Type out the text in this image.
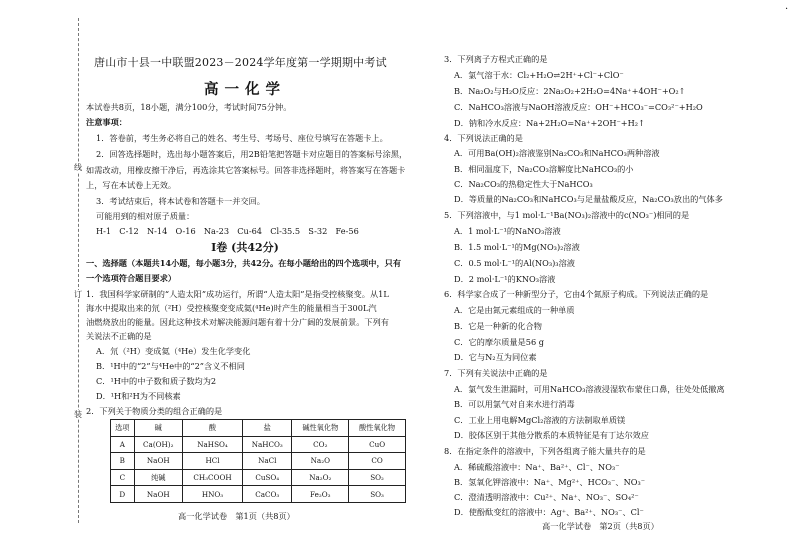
线
订
装
唐山市十县一中联盟2023－2024学年度第一学期期中考试
高一化学
本试卷共8页，18小题，满分100分，考试时间75分钟。
注意事项：
1．答卷前，考生务必将自己的姓名、考生号、考场号、座位号填写在答题卡上。
2．回答选择题时，选出每小题答案后，用2B铅笔把答题卡对应题目的答案标号涂黑，
如需改动，用橡皮擦干净后，再选涂其它答案标号。回答非选择题时，将答案写在答题卡
上，写在本试卷上无效。
3．考试结束后，将本试卷和答题卡一并交回。
可能用到的相对原子质量：
H-1　C-12　N-14　O-16　Na-23　Cu-64　Cl-35.5　S-32　Fe-56
I卷 (共42分)
一、选择题（本题共14小题，每小题3分，共42分。在每小题给出的四个选项中，只有
一个选项符合题目要求）
1．我国科学家研制的“人造太阳”成功运行，所谓“人造太阳”是指受控核聚变。从1L
海水中提取出来的氘（²H）受控核聚变变成氦(⁴He)时产生的能量相当于300L汽
油燃烧放出的能量。因此这种技术对解决能源问题有着十分广阔的发展前景。下列有
关说法不正确的是
A．氘（²H）变成氦（⁴He）发生化学变化
B．¹H中的“2”与⁴He中的“2”含义不相同
C．¹H中的中子数和质子数均为2
D．¹H和²H为不同核素
2．下列关于物质分类的组合正确的是
选项	碱	酸	盐	碱性氧化物	酸性氧化物
A	Ca(OH)₂	NaHSO₄	NaHCO₃	CO₂	CuO
B	NaOH	HCl	NaCl	Na₂O	CO
C	纯碱	CH₃COOH	CuSO₄	Na₂O₂	SO₂
D	NaOH	HNO₃	CaCO₃	Fe₂O₃	SO₃
高一化学试卷　第1页（共8页）
3．下列离子方程式正确的是
A．氯气溶于水：Cl₂+H₂O⇌2H⁺+Cl⁻+ClO⁻
B．Na₂O₂与H₂O反应：2Na₂O₂+2H₂O=4Na⁺+4OH⁻+O₂↑
C．NaHCO₃溶液与NaOH溶液反应：OH⁻+HCO₃⁻=CO₃²⁻+H₂O
D．钠和冷水反应：Na+2H₂O=Na⁺+2OH⁻+H₂↑
4．下列说法正确的是
A．可用Ba(OH)₂溶液鉴别Na₂CO₃和NaHCO₃两种溶液
B．相同温度下，Na₂CO₃溶解度比NaHCO₃的小
C．Na₂CO₃的热稳定性大于NaHCO₃
D．等质量的Na₂CO₃和NaHCO₃与足量盐酸反应，Na₂CO₃放出的气体多
5．下列溶液中，与1 mol·L⁻¹Ba(NO₃)₂溶液中的c(NO₃⁻)相同的是
A．1 mol·L⁻¹的NaNO₃溶液
B．1.5 mol·L⁻¹的Mg(NO₃)₂溶液
C．0.5 mol·L⁻¹的Al(NO₃)₃溶液
D．2 mol·L⁻¹的KNO₃溶液
6．科学家合成了一种新型分子，它由4个氮原子构成。下列说法正确的是
A．它是由氮元素组成的一种单质
B．它是一种新的化合物
C．它的摩尔质量是56 g
D．它与N₂互为同位素
7．下列有关说法中正确的是
A．氯气发生泄漏时，可用NaHCO₃溶液浸湿软布蒙住口鼻，往处处低撤离
B．可以用氯气对自来水进行消毒
C．工业上用电解MgCl₂溶液的方法制取单质镁
D．胶体区别于其他分散系的本质特征是有丁达尔效应
8．在指定条件的溶液中，下列各组离子能大量共存的是
A．稀硫酸溶液中：Na⁺、Ba²⁺、Cl⁻、NO₃⁻
B．氢氧化钾溶液中：Na⁺、Mg²⁺、HCO₃⁻、NO₃⁻
C．澄清透明溶液中：Cu²⁺、Na⁺、NO₃⁻、SO₄²⁻
D．使酚酞变红的溶液中：Ag⁺、Ba²⁺、NO₃⁻、Cl⁻
高一化学试卷　第2页（共8页）
·
